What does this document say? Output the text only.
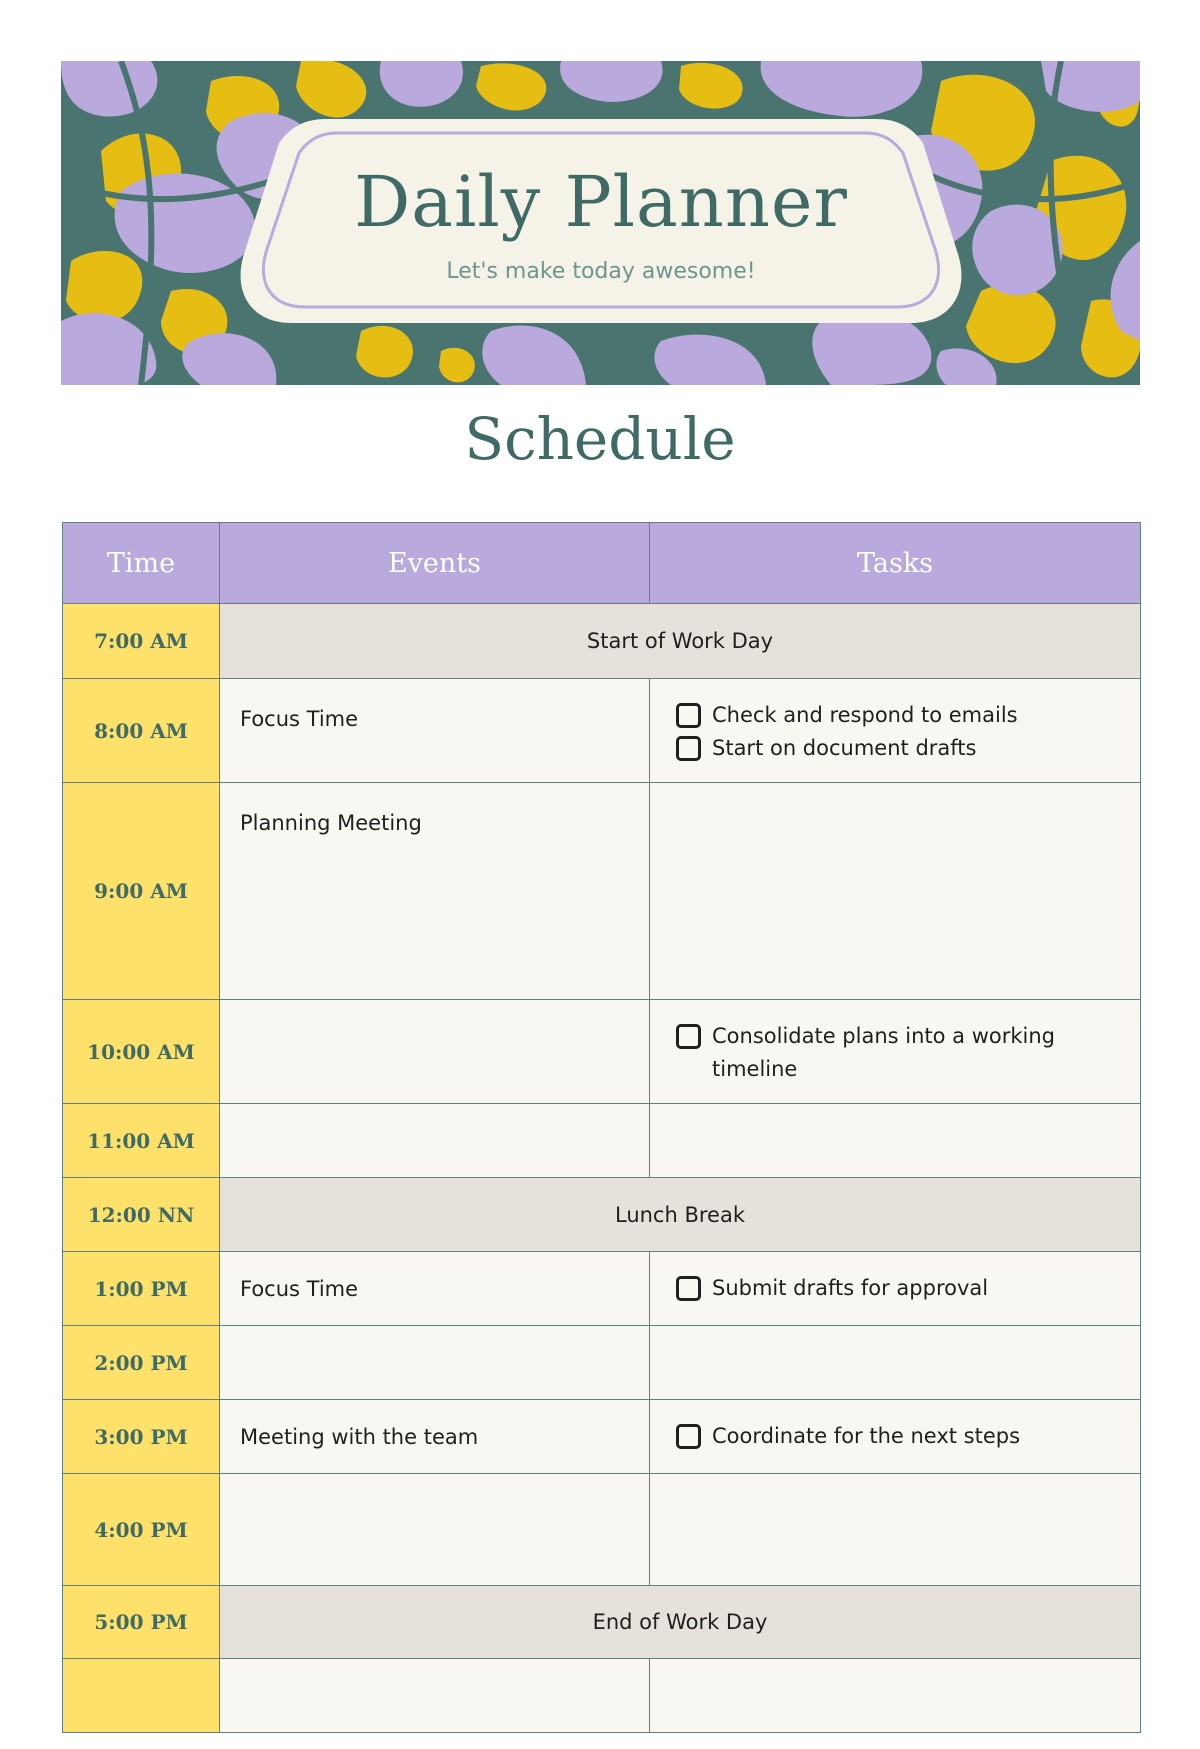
Daily Planner
Let's make today awesome!
Schedule
Time	Events	Tasks
7:00 AM	Start of Work Day	
8:00 AM	Focus Time	Check and respond to emails
Start on document drafts

9:00 AM	Planning Meeting	

10:00 AM		Consolidate plans into a working timeline

11:00 AM	

12:00 NN	Lunch Break	
1:00 PM	Focus Time	Submit drafts for approval

2:00 PM	

3:00 PM	Meeting with the team	Coordinate for the next steps

4:00 PM	

5:00 PM	End of Work Day	
